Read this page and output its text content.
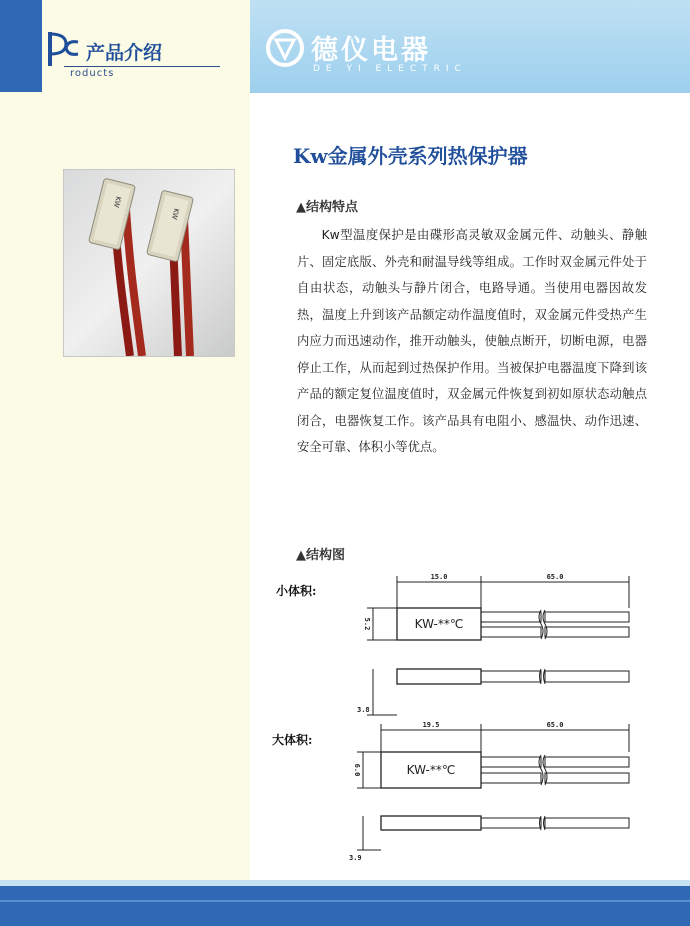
产品介绍
roducts
德仪电器
DE YI ELECTRIC
KW
KW
Kw金属外壳系列热保护器
▲结构特点

Kw型温度保护是由碟形高灵敏双金属元件、动触头、静触片、固定底版、外壳和耐温导线等组成。工作时双金属元件处于自由状态，动触头与静片闭合，电路导通。当使用电器因故发热，温度上升到该产品额定动作温度值时，双金属元件受热产生内应力而迅速动作，推开动触头，使触点断开，切断电源，电器停止工作，从而起到过热保护作用。当被保护电器温度下降到该产品的额定复位温度值时，双金属元件恢复到初如原状态动触点闭合，电器恢复工作。该产品具有电阻小、感温快、动作迅速、安全可靠、体积小等优点。

▲结构图
小体积:
大体积:
15.0	65.0
5.2
3.8
KW-**℃
19.5	65.0
6.0
3.9
KW-**℃
